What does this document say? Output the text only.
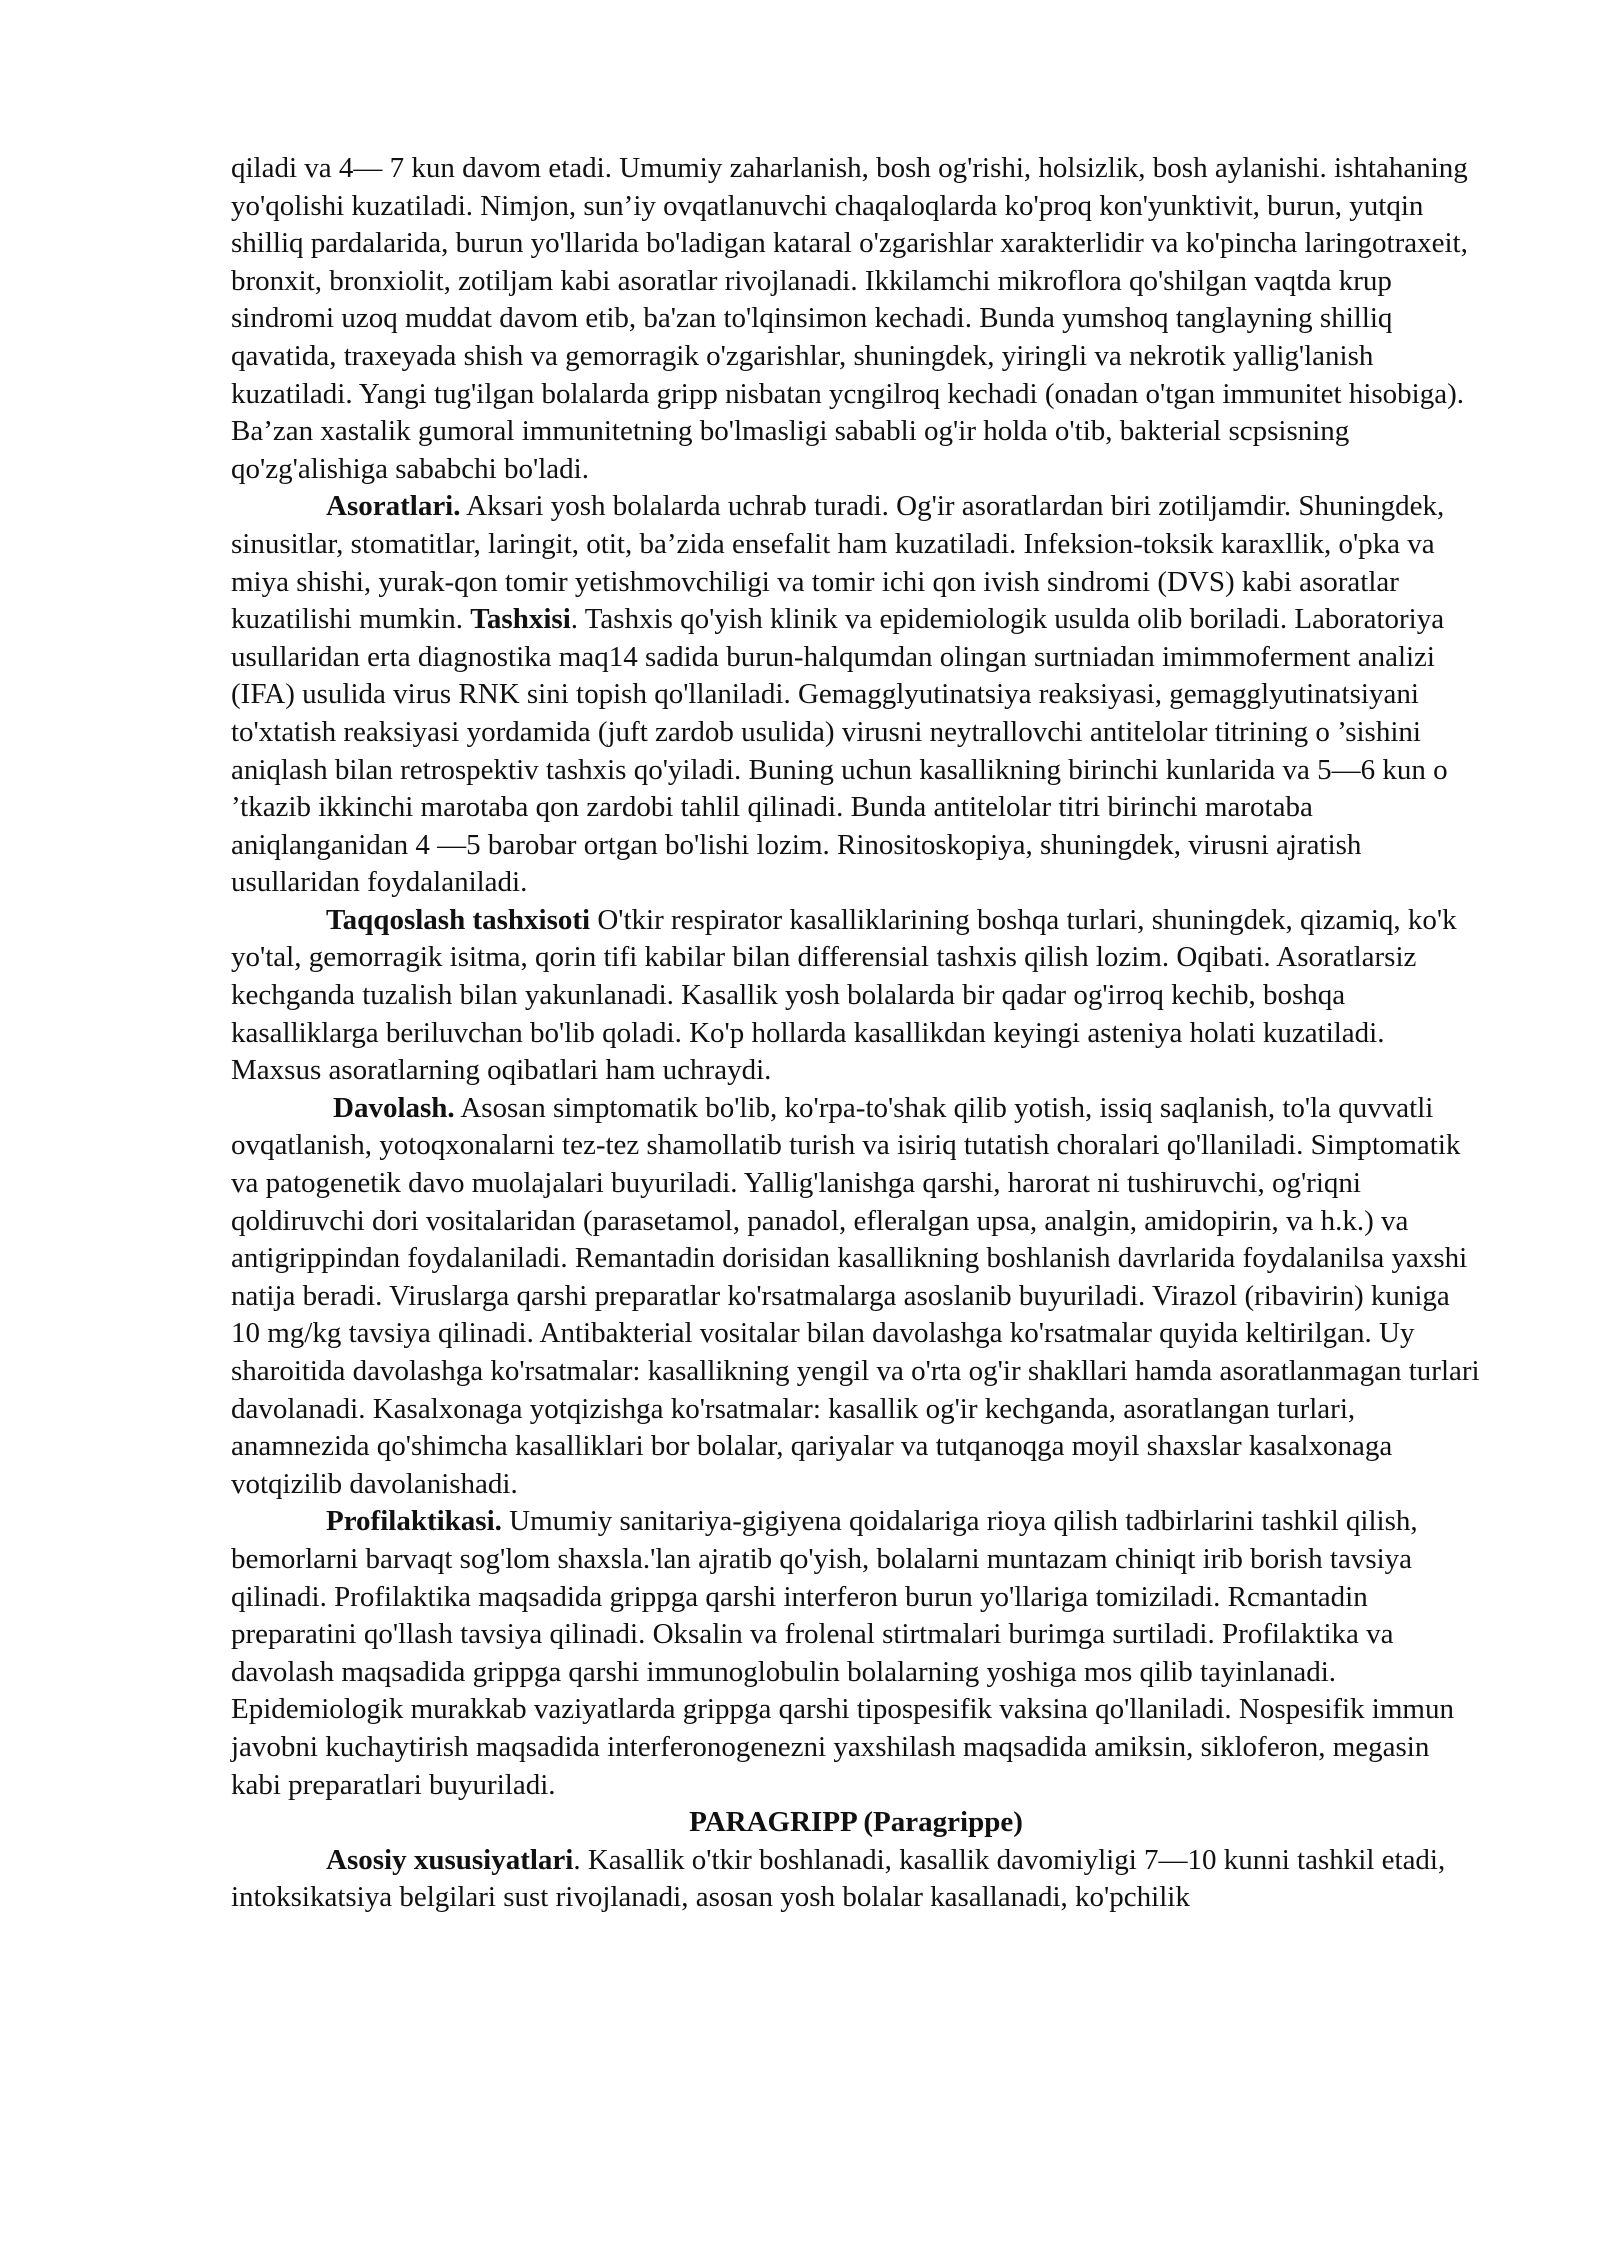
qiladi va 4— 7 kun davom etadi. Umumiy zaharlanish, bosh og'rishi, holsizlik, bosh aylanishi. ishtahaning yo'qolishi kuzatiladi. Nimjon, sun’iy ovqatlanuvchi chaqaloqlarda ko'proq kon'yunktivit, burun, yutqin shilliq pardalarida, burun yo'llarida bo'ladigan kataral o'zgarishlar xarakterlidir va ko'pincha laringotraxeit, bronxit, bronxiolit, zotiljam kabi asoratlar rivojlanadi. Ikkilamchi mikroflora qo'shilgan vaqtda krup sindromi uzoq muddat davom etib, ba'zan to'lqinsimon kechadi. Bunda yumshoq tanglayning shilliq qavatida, traxeyada shish va gemorragik o'zgarishlar, shuningdek, yiringli va nekrotik yallig'lanish kuzatiladi. Yangi tug'ilgan bolalarda gripp nisbatan ycngilroq kechadi (onadan o'tgan immunitet hisobiga). Ba’zan xastalik gumoral immunitetning bo'lmasligi sababli og'ir holda o'tib, bakterial scpsisning qo'zg'alishiga sababchi bo'ladi.

Asoratlari. Aksari yosh bolalarda uchrab turadi. Og'ir asoratlardan biri zotiljamdir. Shuningdek, sinusitlar, stomatitlar, laringit, otit, ba’zida ensefalit ham kuzatiladi. Infeksion-toksik karaxllik, o'pka va miya shishi, yurak-qon tomir yetishmovchiligi va tomir ichi qon ivish sindromi (DVS) kabi asoratlar kuzatilishi mumkin. Tashxisi. Tashxis qo'yish klinik va epidemiologik usulda olib boriladi. Laboratoriya usullaridan erta diagnostika maq14 sadida burun-halqumdan olingan surtniadan imimmoferment analizi (IFA) usulida virus RNK sini topish qo'llaniladi. Gemagglyutinatsiya reaksiyasi, gemagglyutinatsiyani to'xtatish reaksiyasi yordamida (juft zardob usulida) virusni neytrallovchi antitelolar titrining o ’sishini aniqlash bilan retrospektiv tashxis qo'yiladi. Buning uchun kasallikning birinchi kunlarida va 5—6 kun o ’tkazib ikkinchi marotaba qon zardobi tahlil qilinadi. Bunda antitelolar titri birinchi marotaba aniqlanganidan 4 —5 barobar ortgan bo'lishi lozim. Rinositoskopiya, shuningdek, virusni ajratish usullaridan foydalaniladi.

Taqqoslash tashxisoti O'tkir respirator kasalliklarining boshqa turlari, shuningdek, qizamiq, ko'k yo'tal, gemorragik isitma, qorin tifi kabilar bilan differensial tashxis qilish lozim. Oqibati. Asoratlarsiz kechganda tuzalish bilan yakunlanadi. Kasallik yosh bolalarda bir qadar og'irroq kechib, boshqa kasalliklarga beriluvchan bo'lib qoladi. Ko'p hollarda kasallikdan keyingi asteniya holati kuzatiladi. Maxsus asoratlarning oqibatlari ham uchraydi.

Davolash. Asosan simptomatik bo'lib, ko'rpa-to'shak qilib yotish, issiq saqlanish, to'la quvvatli ovqatlanish, yotoqxonalarni tez-tez shamollatib turish va isiriq tutatish choralari qo'llaniladi. Simptomatik va patogenetik davo muolajalari buyuriladi. Yallig'lanishga qarshi, harorat ni tushiruvchi, og'riqni qoldiruvchi dori vositalaridan (parasetamol, panadol, efleralgan upsa, analgin, amidopirin, va h.k.) va antigrippindan foydalaniladi. Remantadin dorisidan kasallikning boshlanish davrlarida foydalanilsa yaxshi natija beradi. Viruslarga qarshi preparatlar ko'rsatmalarga asoslanib buyuriladi. Virazol (ribavirin) kuniga 10 mg/kg tavsiya qilinadi. Antibakterial vositalar bilan davolashga ko'rsatmalar quyida keltirilgan. Uy sharoitida davolashga ko'rsatmalar: kasallikning yengil va o'rta og'ir shakllari hamda asoratlanmagan turlari davolanadi. Kasalxonaga yotqizishga ko'rsatmalar: kasallik og'ir kechganda, asoratlangan turlari, anamnezida qo'shimcha kasalliklari bor bolalar, qariyalar va tutqanoqga moyil shaxslar kasalxonaga votqizilib davolanishadi.

Profilaktikasi. Umumiy sanitariya-gigiyena qoidalariga rioya qilish tadbirlarini tashkil qilish, bemorlarni barvaqt sog'lom shaxsla.'lan ajratib qo'yish, bolalarni muntazam chiniqt irib borish tavsiya qilinadi. Profilaktika maqsadida grippga qarshi interferon burun yo'llariga tomiziladi. Rcmantadin preparatini qo'llash tavsiya qilinadi. Oksalin va frolenal stirtmalari burimga surtiladi. Profilaktika va davolash maqsadida grippga qarshi immunoglobulin bolalarning yoshiga mos qilib tayinlanadi. Epidemiologik murakkab vaziyatlarda grippga qarshi tipospesifik vaksina qo'llaniladi. Nospesifik immun javobni kuchaytirish maqsadida interferonogenezni yaxshilash maqsadida amiksin, sikloferon, megasin kabi preparatlari buyuriladi.

PARAGRIPP (Paragrippe)

Asosiy xususiyatlari. Kasallik o'tkir boshlanadi, kasallik davomiyligi 7—10 kunni tashkil etadi, intoksikatsiya belgilari sust rivojlanadi, asosan yosh bolalar kasallanadi, ko'pchilik
